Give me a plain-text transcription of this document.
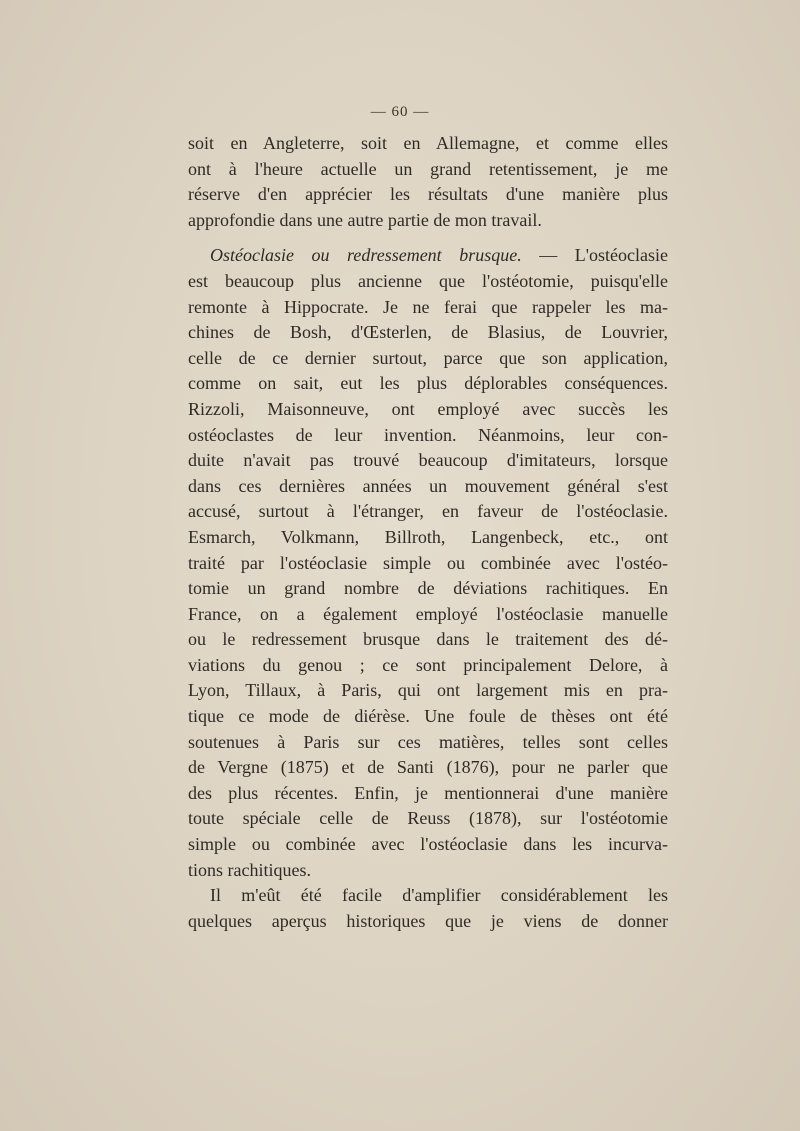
— 60 —
soit en Angleterre, soit en Allemagne, et comme elles
ont à l'heure actuelle un grand retentissement, je me
réserve d'en apprécier les résultats d'une manière plus
approfondie dans une autre partie de mon travail.
Ostéoclasie ou redressement brusque. — L'ostéoclasie
est beaucoup plus ancienne que l'ostéotomie, puisqu'elle
remonte à Hippocrate. Je ne ferai que rappeler les ma-
chines de Bosh, d'Œsterlen, de Blasius, de Louvrier,
celle de ce dernier surtout, parce que son application,
comme on sait, eut les plus déplorables conséquences.
Rizzoli, Maisonneuve, ont employé avec succès les
ostéoclastes de leur invention. Néanmoins, leur con-
duite n'avait pas trouvé beaucoup d'imitateurs, lorsque
dans ces dernières années un mouvement général s'est
accusé, surtout à l'étranger, en faveur de l'ostéoclasie.
Esmarch, Volkmann, Billroth, Langenbeck, etc., ont
traité par l'ostéoclasie simple ou combinée avec l'ostéo-
tomie un grand nombre de déviations rachitiques. En
France, on a également employé l'ostéoclasie manuelle
ou le redressement brusque dans le traitement des dé-
viations du genou ; ce sont principalement Delore, à
Lyon, Tillaux, à Paris, qui ont largement mis en pra-
tique ce mode de diérèse. Une foule de thèses ont été
soutenues à Paris sur ces matières, telles sont celles
de Vergne (1875) et de Santi (1876), pour ne parler que
des plus récentes. Enfin, je mentionnerai d'une manière
toute spéciale celle de Reuss (1878), sur l'ostéotomie
simple ou combinée avec l'ostéoclasie dans les incurva-
tions rachitiques.
Il m'eût été facile d'amplifier considérablement les
quelques aperçus historiques que je viens de donner
